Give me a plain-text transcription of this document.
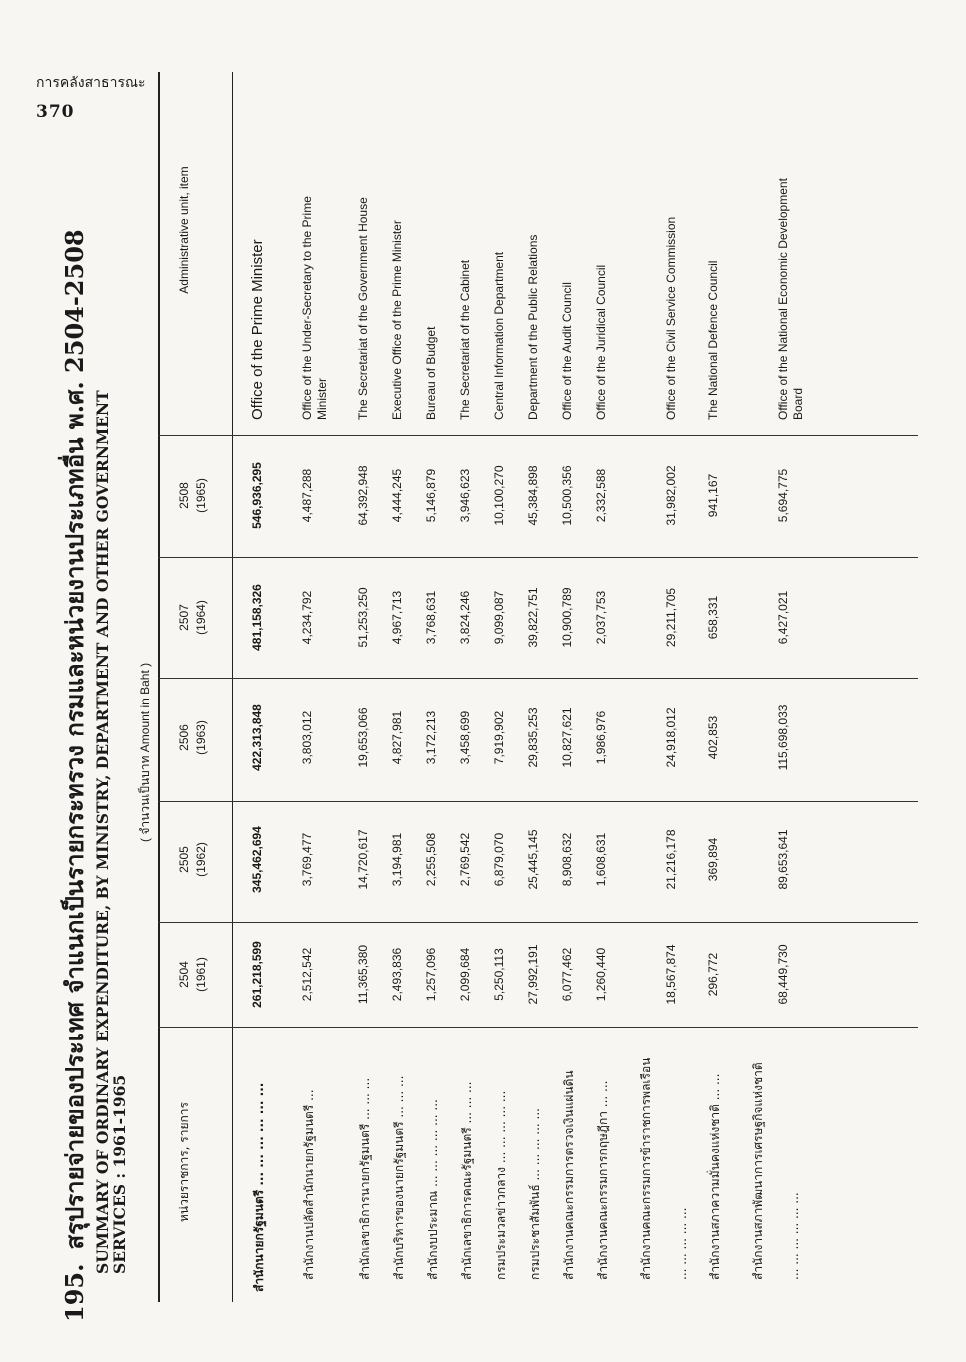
การคลังสาธารณะ
370
195.สรุปรายจ่ายของประเทศ จำแนกเป็นรายกระทรวง กรมและหน่วยงานประเภทอื่น พ.ศ. 2504-2508 SUMMARY OF ORDINARY EXPENDITURE, BY MINISTRY, DEPARTMENT AND OTHER GOVERNMENT
SERVICES : 1961-1965
( จำนวนเป็นบาท Amount in Baht )
หน่วยราชการ, รายการ
2504 (1961)
2505 (1962)
2506 (1963)
2507 (1964)
2508 (1965)
Administrative unit, item
สำนักนายกรัฐมนตรี ... ... ... ... ... ...
261,218,599
345,462,694
422,313,848
481,158,326
546,936,295
Office of the Prime Minister
สำนักงานปลัดสำนักนายกรัฐมนตรี ...
2,512,542
3,769,477
3,803,012
4,234,792
4,487,288
Office of the Under-Secretary to the Prime Minister
สำนักเลขาธิการนายกรัฐมนตรี ... ... ...
11,365,380
14,720,617
19,653,066
51,253,250
64,392,948
The Secretariat of the Government House
สำนักบริหารของนายกรัฐมนตรี ... ... ...
2,493,836
3,194,981
4,827,981
4,967,713
4,444,245
Executive Office of the Prime Minister
สำนักงบประมาณ ... ... ... ... ... ...
1,257,096
2,255,508
3,172,213
3,768,631
5,146,879
Bureau of Budget
สำนักเลขาธิการคณะรัฐมนตรี ... ... ...
2,099,684
2,769,542
3,458,699
3,824,246
3,946,623
The Secretariat of the Cabinet
กรมประมวลข่าวกลาง ... ... ... ... ...
5,250,113
6,879,070
7,919,902
9,099,087
10,100,270
Central Information Department
กรมประชาสัมพันธ์ ... ... ... ... ...
27,992,191
25,445,145
29,835,253
39,822,751
45,384,898
Department of the Public Relations
สำนักงานคณะกรรมการตรวจเงินแผ่นดิน
6,077,462
8,908,632
10,827,621
10,900,789
10,500,356
Office of the Audit Council
สำนักงานคณะกรรมการกฤษฎีกา ... ...
1,260,440
1,608,631
1,986,976
2,037,753
2,332,588
Office of the Juridical Council
สำนักงานคณะกรรมการข้าราชการพลเรือน ... ... ... ... ...
18,567,874
21,216,178
24,918,012
29,211,705
31,982,002
Office of the Civil Service Commission
สำนักงานสภาความมั่นคงแห่งชาติ ... ...
296,772
369,894
402,853
658,331
941,167
The National Defence Council
สำนักงานสภาพัฒนาการเศรษฐกิจแห่งชาติ ... ... ... ... ... ...
68,449,730
89,653,641
115,698,033
6,427,021
5,694,775
Office of the National Economic Development Board
